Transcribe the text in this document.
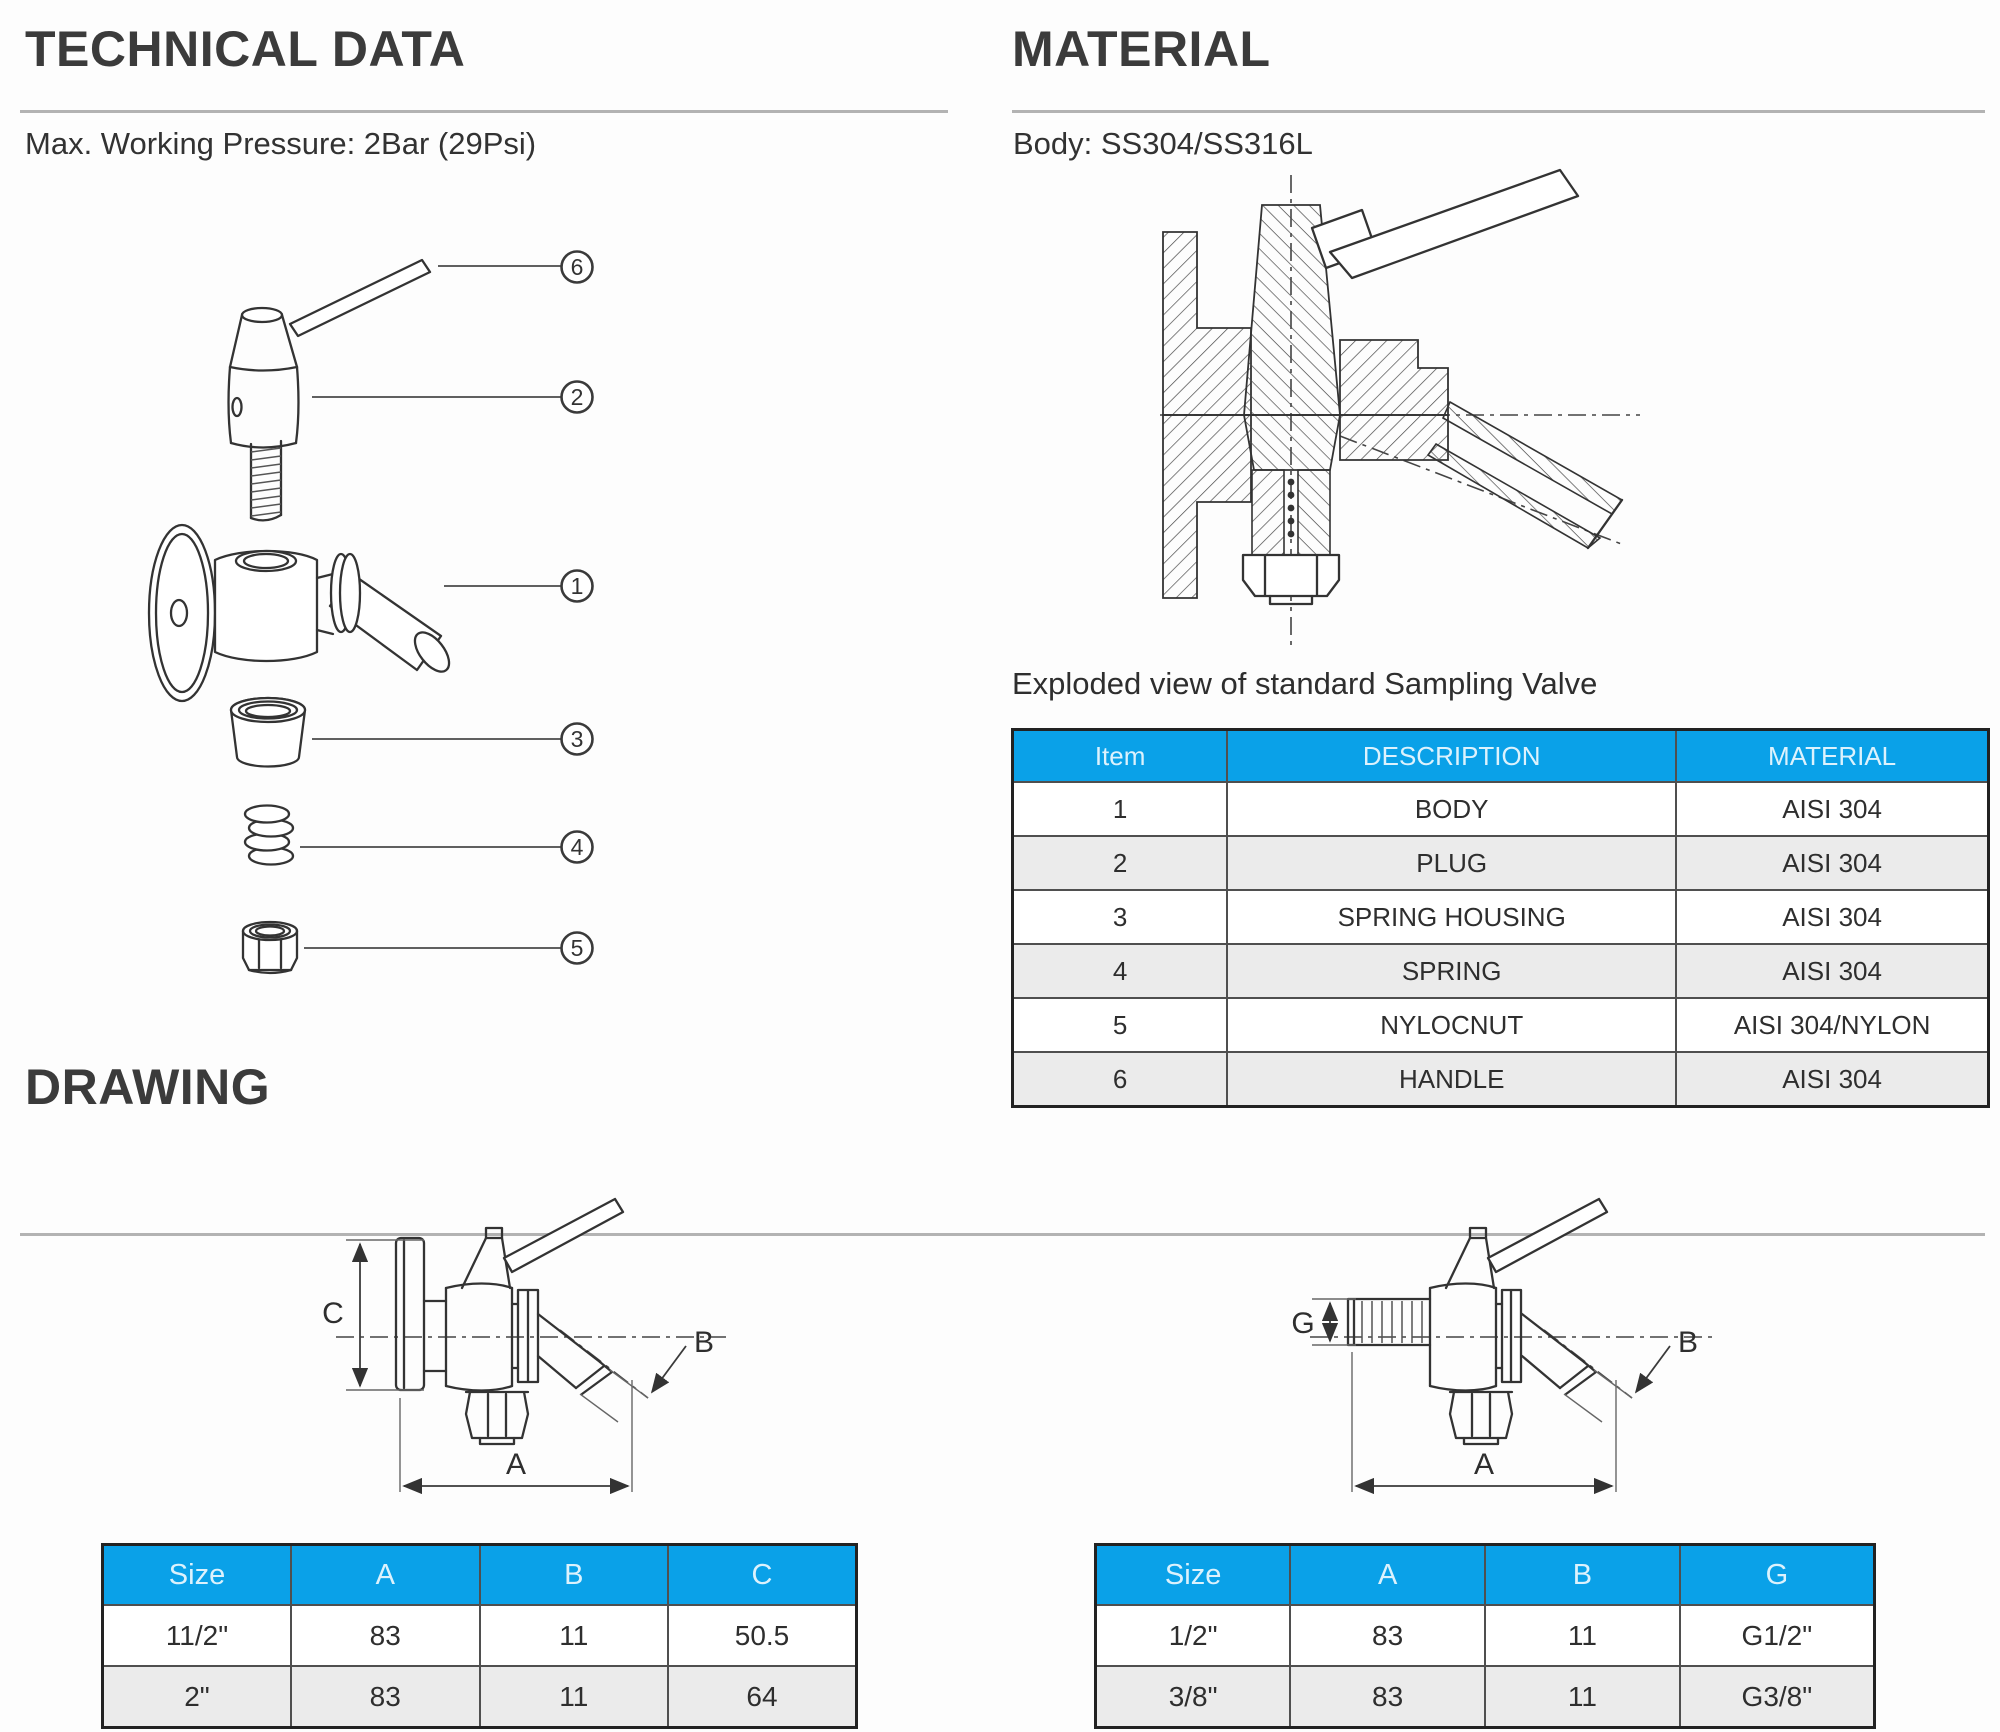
TECHNICAL DATA
Max. Working Pressure: 2Bar (29Psi)
6
2
1
3
4
5
MATERIAL
Body: SS304/SS316L
Exploded view of standard Sampling Valve
Item	DESCRIPTION	MATERIAL
1	BODY	AISI 304
2	PLUG	AISI 304
3	SPRING HOUSING	AISI 304
4	SPRING	AISI 304
5	NYLOCNUT	AISI 304/NYLON
6	HANDLE	AISI 304
DRAWING
C
A
B
G
A
B
Size	A	B	C
11/2"	83	11	50.5
2"	83	11	64
Size	A	B	G
1/2"	83	11	G1/2"
3/8"	83	11	G3/8"
